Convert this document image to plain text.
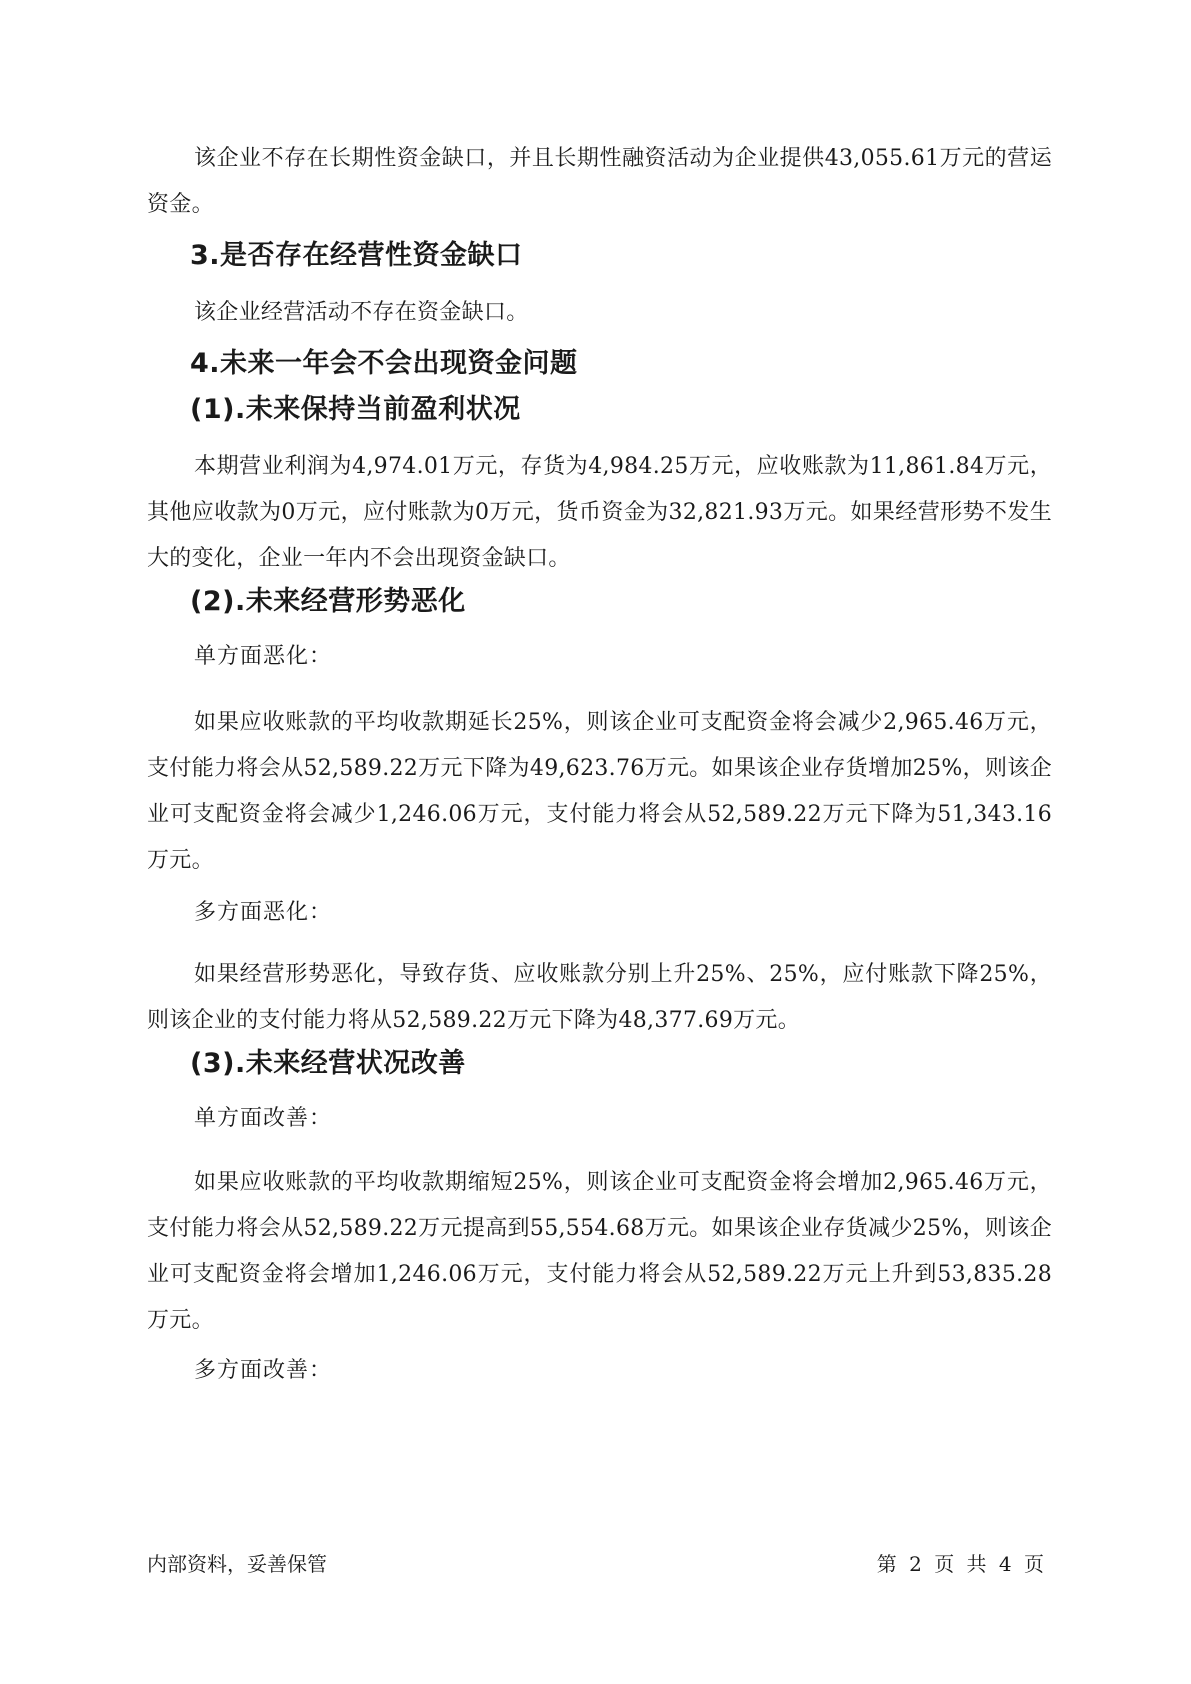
该企业不存在长期性资金缺口，并且长期性融资活动为企业提供43,055.61万元的营运资金。

3.是否存在经营性资金缺口

该企业经营活动不存在资金缺口。

4.未来一年会不会出现资金问题
(1).未来保持当前盈利状况

本期营业利润为4,974.01万元，存货为4,984.25万元，应收账款为11,861.84万元，其他应收款为0万元，应付账款为0万元，货币资金为32,821.93万元。如果经营形势不发生大的变化，企业一年内不会出现资金缺口。

(2).未来经营形势恶化

单方面恶化：

如果应收账款的平均收款期延长25%，则该企业可支配资金将会减少2,965.46万元，支付能力将会从52,589.22万元下降为49,623.76万元。如果该企业存货增加25%，则该企业可支配资金将会减少1,246.06万元，支付能力将会从52,589.22万元下降为51,343.16万元。

多方面恶化：

如果经营形势恶化，导致存货、应收账款分别上升25%、25%，应付账款下降25%，则该企业的支付能力将从52,589.22万元下降为48,377.69万元。

(3).未来经营状况改善

单方面改善：

如果应收账款的平均收款期缩短25%，则该企业可支配资金将会增加2,965.46万元，支付能力将会从52,589.22万元提高到55,554.68万元。如果该企业存货减少25%，则该企业可支配资金将会增加1,246.06万元，支付能力将会从52,589.22万元上升到53,835.28万元。

多方面改善：

内部资料，妥善保管	第 2 页 共 4 页
